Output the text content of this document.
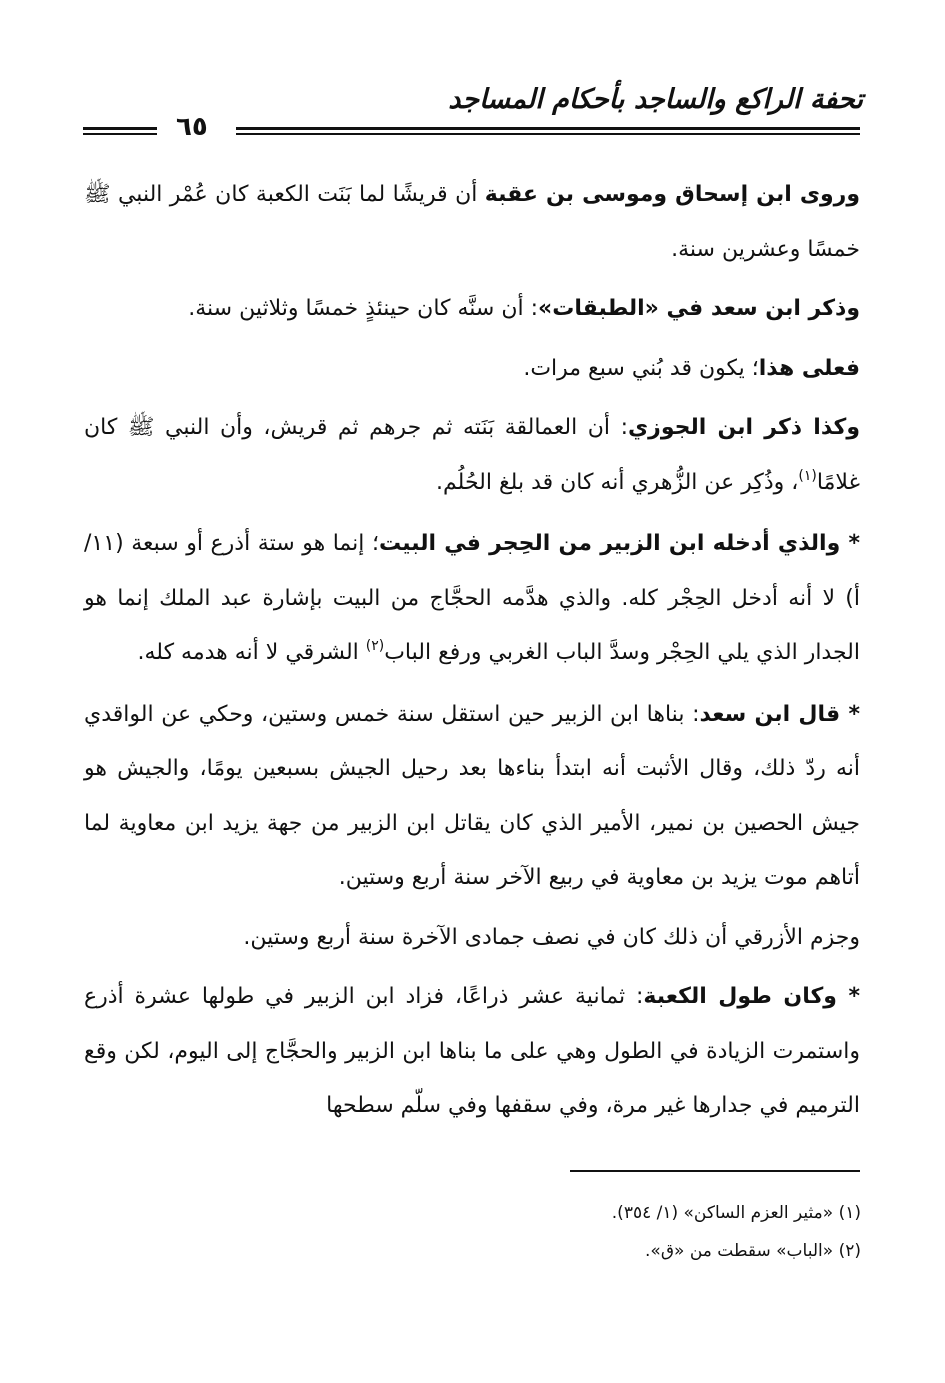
تحفة الراكع والساجد بأحكام المساجد
٦٥

وروى ابن إسحاق وموسى بن عقبة أن قريشًا لما بَنَت الكعبة كان عُمْر النبي ﷺ خمسًا وعشرين سنة.

وذكر ابن سعد في «الطبقات»: أن سنَّه كان حينئذٍ خمسًا وثلاثين سنة.

فعلى هذا؛ يكون قد بُني سبع مرات.

وكذا ذكر ابن الجوزي: أن العمالقة بَنَته ثم جرهم ثم قريش، وأن النبي ﷺ كان غلامًا$^{(١)}$، وذُكِر عن الزُّهري أنه كان قد بلغ الحُلُم.

* والذي أدخله ابن الزبير من الحِجر في البيت؛ إنما هو ستة أذرع أو سبعة (١١/أ) لا أنه أدخل الحِجْر كله. والذي هدَّمه الحجَّاج من البيت بإشارة عبد الملك إنما هو الجدار الذي يلي الحِجْر وسدَّ الباب الغربي ورفع الباب$^{(٢)}$ الشرقي لا أنه هدمه كله.

* قال ابن سعد: بناها ابن الزبير حين استقل سنة خمس وستين، وحكي عن الواقدي أنه ردّ ذلك، وقال الأثبت أنه ابتدأ بناءها بعد رحيل الجيش بسبعين يومًا، والجيش هو جيش الحصين بن نمير، الأمير الذي كان يقاتل ابن الزبير من جهة يزيد ابن معاوية لما أتاهم موت يزيد بن معاوية في ربيع الآخر سنة أربع وستين.

وجزم الأزرقي أن ذلك كان في نصف جمادى الآخرة سنة أربع وستين.

* وكان طول الكعبة: ثمانية عشر ذراعًا، فزاد ابن الزبير في طولها عشرة أذرع واستمرت الزيادة في الطول وهي على ما بناها ابن الزبير والحجَّاج إلى اليوم، لكن وقع الترميم في جدارها غير مرة، وفي سقفها وفي سلّم سطحها

(١) «مثير العزم الساكن» (١/ ٣٥٤).

(٢) «الباب» سقطت من «ق».
